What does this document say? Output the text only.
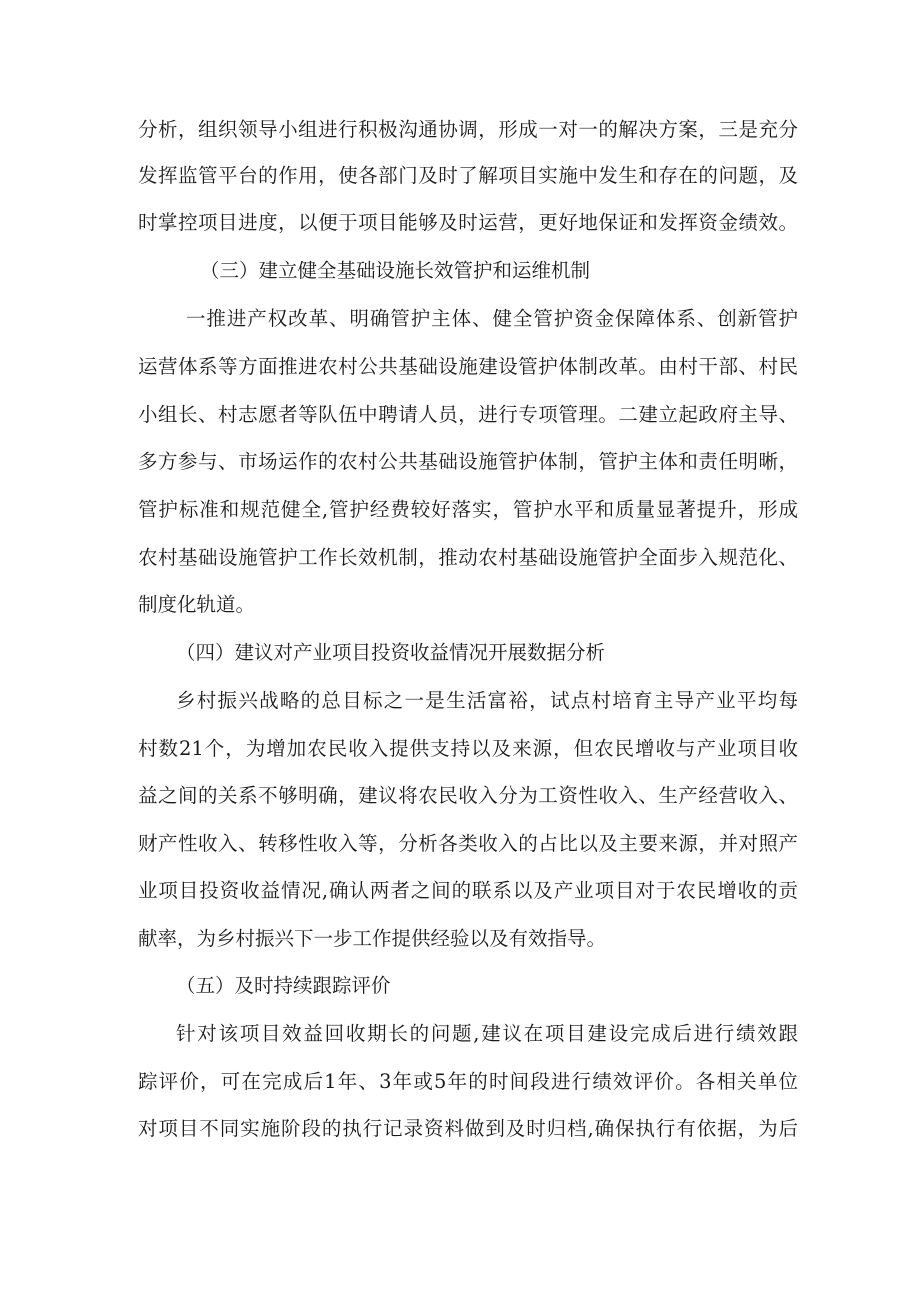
分析，组织领导小组进行积极沟通协调，形成一对一的解决方案，三是充分
发挥监管平台的作用，使各部门及时了解项目实施中发生和存在的问题，及
时掌控项目进度，以便于项目能够及时运营，更好地保证和发挥资金绩效。
（三）建立健全基础设施长效管护和运维机制
一推进产权改革、明确管护主体、健全管护资金保障体系、创新管护
运营体系等方面推进农村公共基础设施建设管护体制改革。由村干部、村民
小组长、村志愿者等队伍中聘请人员，进行专项管理。二建立起政府主导、
多方参与、市场运作的农村公共基础设施管护体制，管护主体和责任明晰，
管护标准和规范健全,管护经费较好落实，管护水平和质量显著提升，形成
农村基础设施管护工作长效机制，推动农村基础设施管护全面步入规范化、
制度化轨道。
（四）建议对产业项目投资收益情况开展数据分析
乡村振兴战略的总目标之一是生活富裕，试点村培育主导产业平均每
村数21个，为增加农民收入提供支持以及来源，但农民增收与产业项目收
益之间的关系不够明确，建议将农民收入分为工资性收入、生产经营收入、
财产性收入、转移性收入等，分析各类收入的占比以及主要来源，并对照产
业项目投资收益情况,确认两者之间的联系以及产业项目对于农民增收的贡
献率，为乡村振兴下一步工作提供经验以及有效指导。
（五）及时持续跟踪评价
针对该项目效益回收期长的问题,建议在项目建设完成后进行绩效跟
踪评价，可在完成后1年、3年或5年的时间段进行绩效评价。各相关单位
对项目不同实施阶段的执行记录资料做到及时归档,确保执行有依据，为后
